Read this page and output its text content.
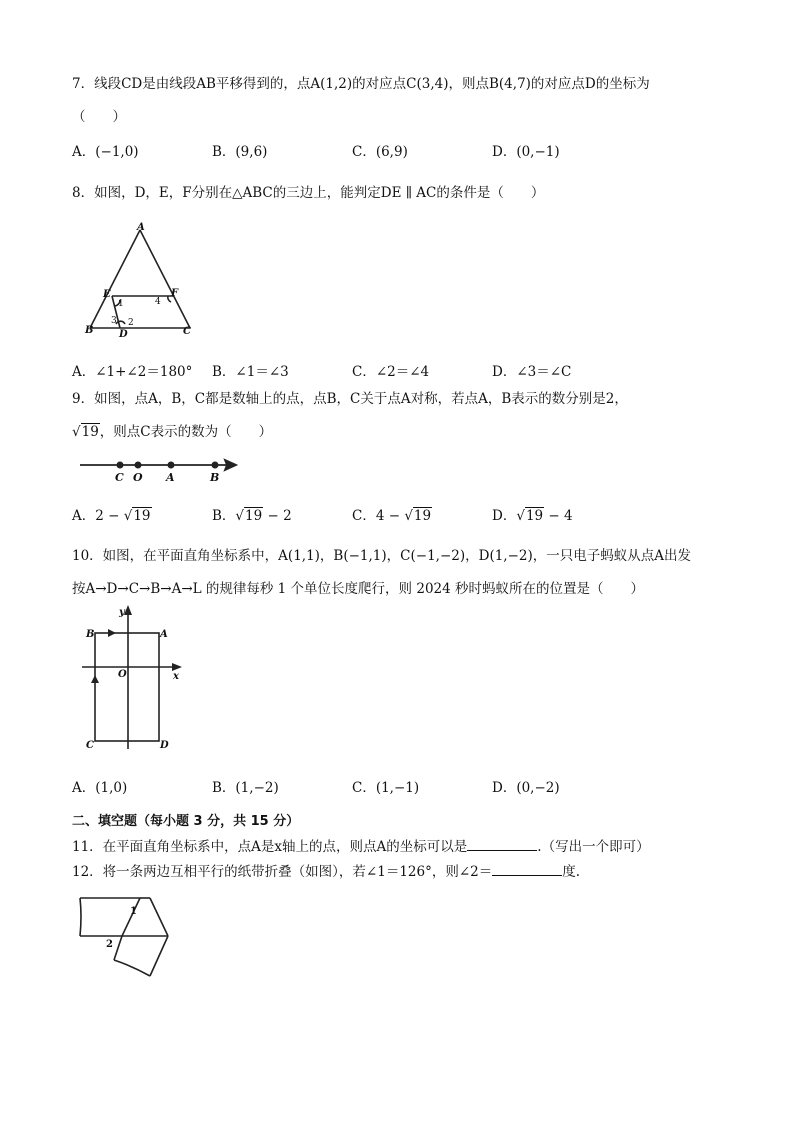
7．线段CD是由线段AB平移得到的，点A(1,2)的对应点C(3,4)，则点B(4,7)的对应点D的坐标为
（　　）
A．(−1,0)	B．(9,6)	C．(6,9)	D．(0,−1)
8．如图，D，E，F分别在△ABC的三边上，能判定DE ∥ AC的条件是（　　）
A
B	C
D
E	F
1
2
3
4
A．∠1+∠2＝180° B．∠1＝∠3	C．∠2＝∠4	D．∠3＝∠C
9．如图，点A，B，C都是数轴上的点，点B，C关于点A对称，若点A，B表示的数分别是2，
√19，则点C表示的数为（　　）
C O A	B
A．2 − √19	B．√19 − 2	C．4 − √19	D．√19 − 4
10．如图，在平面直角坐标系中，A(1,1)，B(−1,1)，C(−1,−2)，D(1,−2)，一只电子蚂蚁从点A出发
按A→D→C→B→A→L 的规律每秒 1 个单位长度爬行，则 2024 秒时蚂蚁所在的位置是（　　）
y
x
O
A
B
C	D
A．(1,0)	B．(1,−2)	C．(1,−1)	D．(0,−2)
二、填空题（每小题 3 分，共 15 分）
11．在平面直角坐标系中，点A是x轴上的点，则点A的坐标可以是	.（写出一个即可）
12．将一条两边互相平行的纸带折叠（如图），若∠1＝126°，则∠2＝	度.
1
2
